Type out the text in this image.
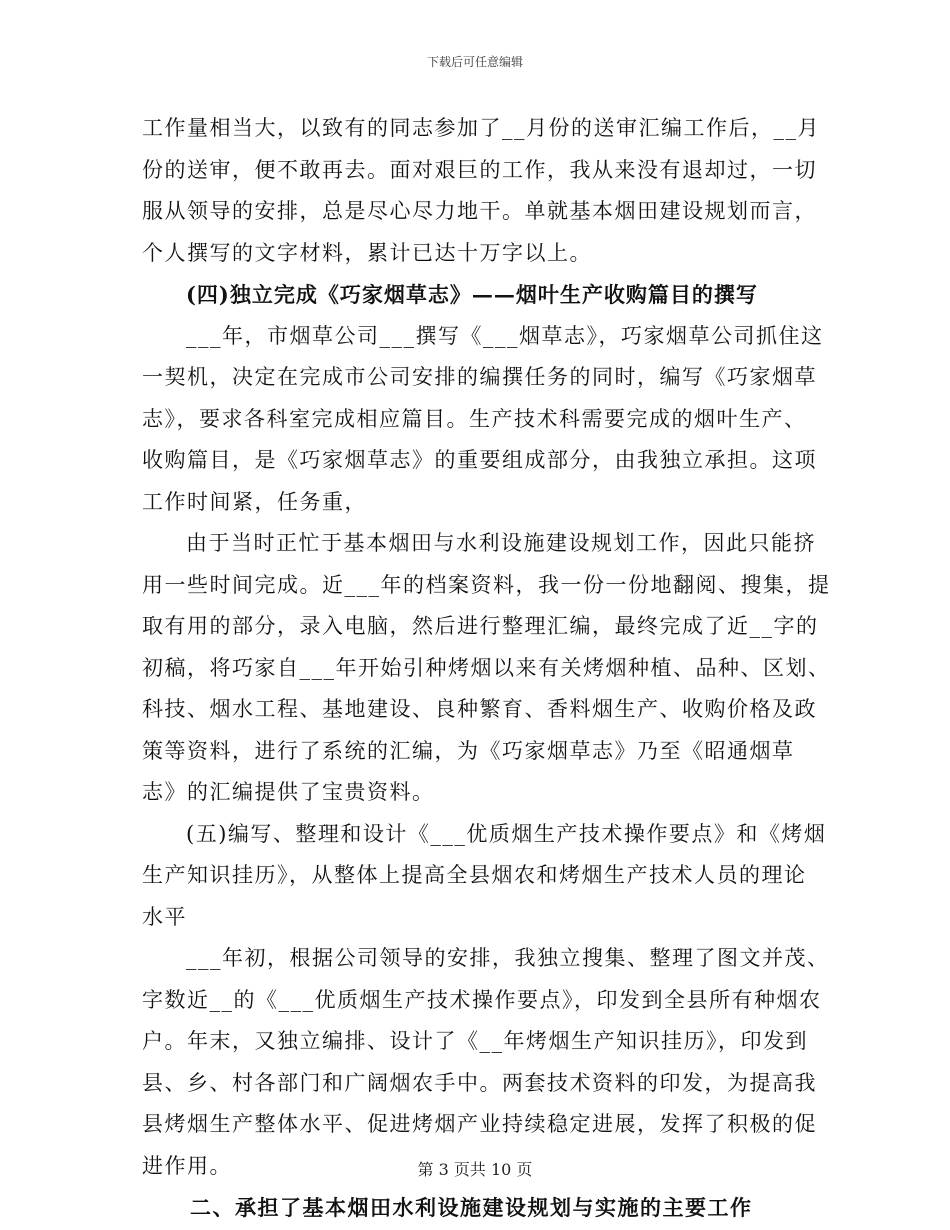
下载后可任意编辑

工作量相当大，以致有的同志参加了__月份的送审汇编工作后，__月
份的送审，便不敢再去。面对艰巨的工作，我从来没有退却过，一切
服从领导的安排，总是尽心尽力地干。单就基本烟田建设规划而言，
个人撰写的文字材料，累计已达十万字以上。

(四)独立完成《巧家烟草志》——烟叶生产收购篇目的撰写

___年，市烟草公司___撰写《___烟草志》，巧家烟草公司抓住这
一契机，决定在完成市公司安排的编撰任务的同时，编写《巧家烟草
志》，要求各科室完成相应篇目。生产技术科需要完成的烟叶生产、
收购篇目，是《巧家烟草志》的重要组成部分，由我独立承担。这项
工作时间紧，任务重，

由于当时正忙于基本烟田与水利设施建设规划工作，因此只能挤
用一些时间完成。近___年的档案资料，我一份一份地翻阅、搜集，提
取有用的部分，录入电脑，然后进行整理汇编，最终完成了近__字的
初稿，将巧家自___年开始引种烤烟以来有关烤烟种植、品种、区划、
科技、烟水工程、基地建设、良种繁育、香料烟生产、收购价格及政
策等资料，进行了系统的汇编，为《巧家烟草志》乃至《昭通烟草
志》的汇编提供了宝贵资料。

(五)编写、整理和设计《___优质烟生产技术操作要点》和《烤烟
生产知识挂历》，从整体上提高全县烟农和烤烟生产技术人员的理论
水平

___年初，根据公司领导的安排，我独立搜集、整理了图文并茂、
字数近__的《___优质烟生产技术操作要点》，印发到全县所有种烟农
户。年末，又独立编排、设计了《__年烤烟生产知识挂历》，印发到
县、乡、村各部门和广阔烟农手中。两套技术资料的印发，为提高我
县烤烟生产整体水平、促进烤烟产业持续稳定进展，发挥了积极的促
进作用。

二、承担了基本烟田水利设施建设规划与实施的主要工作

第 3 页共 10 页
